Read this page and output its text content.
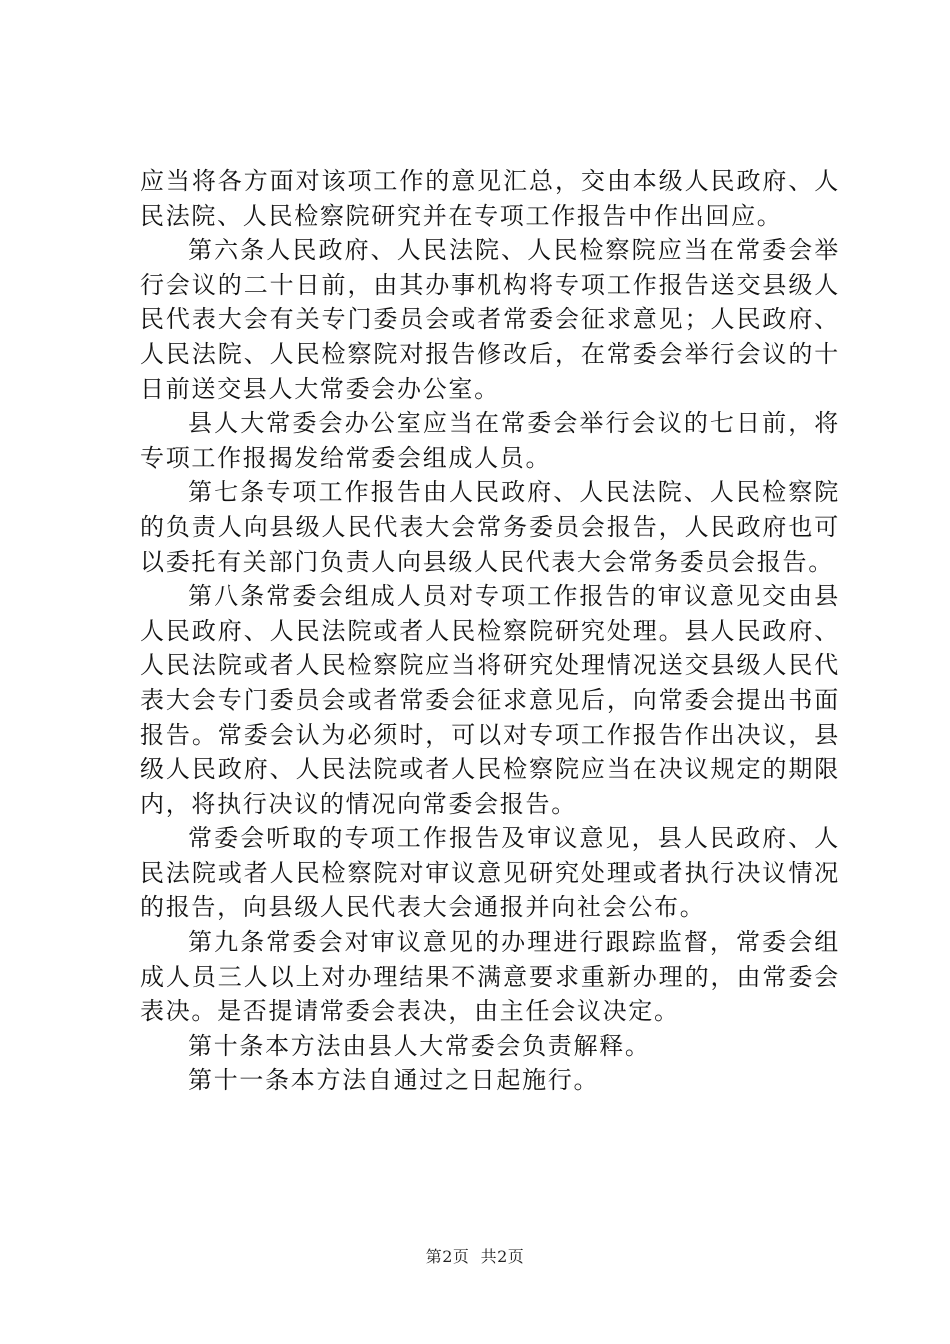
应当将各方面对该项工作的意见汇总，交由本级人民政府、人民法院、人民检察院研究并在专项工作报告中作出回应。

第六条人民政府、人民法院、人民检察院应当在常委会举行会议的二十日前，由其办事机构将专项工作报告送交县级人民代表大会有关专门委员会或者常委会征求意见；人民政府、人民法院、人民检察院对报告修改后，在常委会举行会议的十日前送交县人大常委会办公室。

县人大常委会办公室应当在常委会举行会议的七日前，将专项工作报揭发给常委会组成人员。

第七条专项工作报告由人民政府、人民法院、人民检察院的负责人向县级人民代表大会常务委员会报告，人民政府也可以委托有关部门负责人向县级人民代表大会常务委员会报告。

第八条常委会组成人员对专项工作报告的审议意见交由县人民政府、人民法院或者人民检察院研究处理。县人民政府、人民法院或者人民检察院应当将研究处理情况送交县级人民代表大会专门委员会或者常委会征求意见后，向常委会提出书面报告。常委会认为必须时，可以对专项工作报告作出决议，县级人民政府、人民法院或者人民检察院应当在决议规定的期限内，将执行决议的情况向常委会报告。

常委会听取的专项工作报告及审议意见，县人民政府、人民法院或者人民检察院对审议意见研究处理或者执行决议情况的报告，向县级人民代表大会通报并向社会公布。

第九条常委会对审议意见的办理进行跟踪监督，常委会组成人员三人以上对办理结果不满意要求重新办理的，由常委会表决。是否提请常委会表决，由主任会议决定。

第十条本方法由县人大常委会负责解释。

第十一条本方法自通过之日起施行。

第2页 共2页
